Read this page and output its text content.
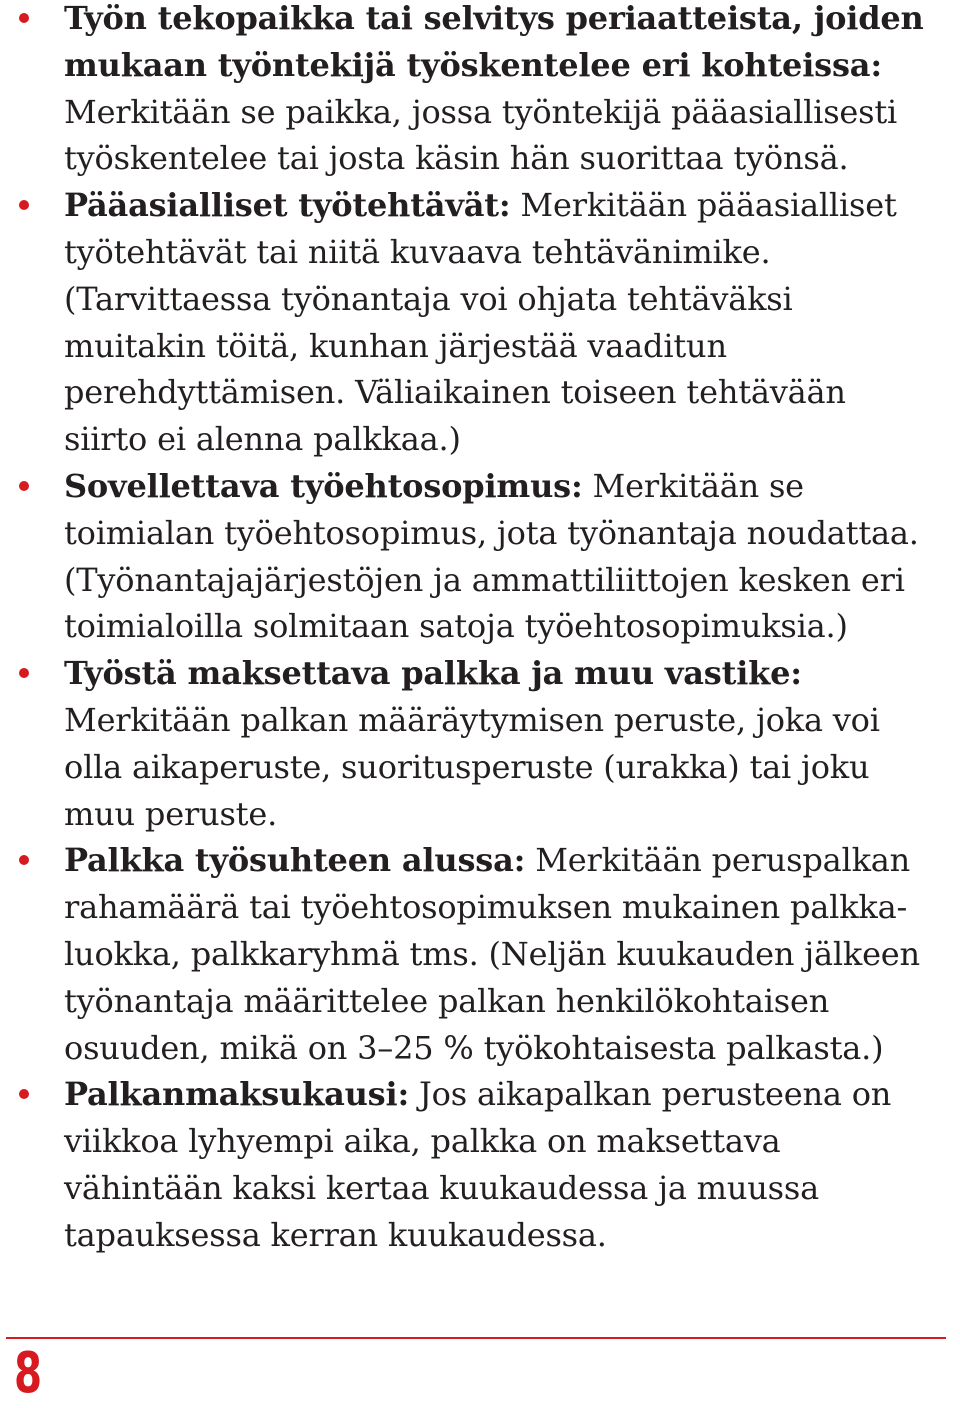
Työn tekopaikka tai selvitys periaatteista, joiden mukaan työntekijä työskentelee eri kohteissa: Merkitään se paikka, jossa työntekijä pääasiallisesti työskentelee tai josta käsin hän suorittaa työnsä.
Pääasialliset työtehtävät: Merkitään pääasialliset työtehtävät tai niitä kuvaava tehtävänimike. (Tarvittaessa työnantaja voi ohjata tehtäväksi muitakin töitä, kunhan järjestää vaaditun perehdyttämisen. Väliaikainen toiseen tehtävään siirto ei alenna palkkaa.)
Sovellettava työehtosopimus: Merkitään se toimialan työehtosopimus, jota työnantaja noudattaa. (Työnantajajärjestöjen ja ammattiliittojen kesken eri toimialoilla solmitaan satoja työehtosopimuksia.)
Työstä maksettava palkka ja muu vastike: Merkitään palkan määräytymisen peruste, joka voi olla aikaperuste, suoritusperuste (urakka) tai joku muu peruste.
Palkka työsuhteen alussa: Merkitään peruspalkan rahamäärä tai työehtosopimuksen mukainen palkkaluokka, palkkaryhmä tms. (Neljän kuukauden jälkeen työnantaja määrittelee palkan henkilökohtaisen osuuden, mikä on 3–25 % työkohtaisesta palkasta.)
Palkanmaksukausi: Jos aikapalkan perusteena on viikkoa lyhyempi aika, palkka on maksettava vähintään kaksi kertaa kuukaudessa ja muussa tapauksessa kerran kuukaudessa.
8
